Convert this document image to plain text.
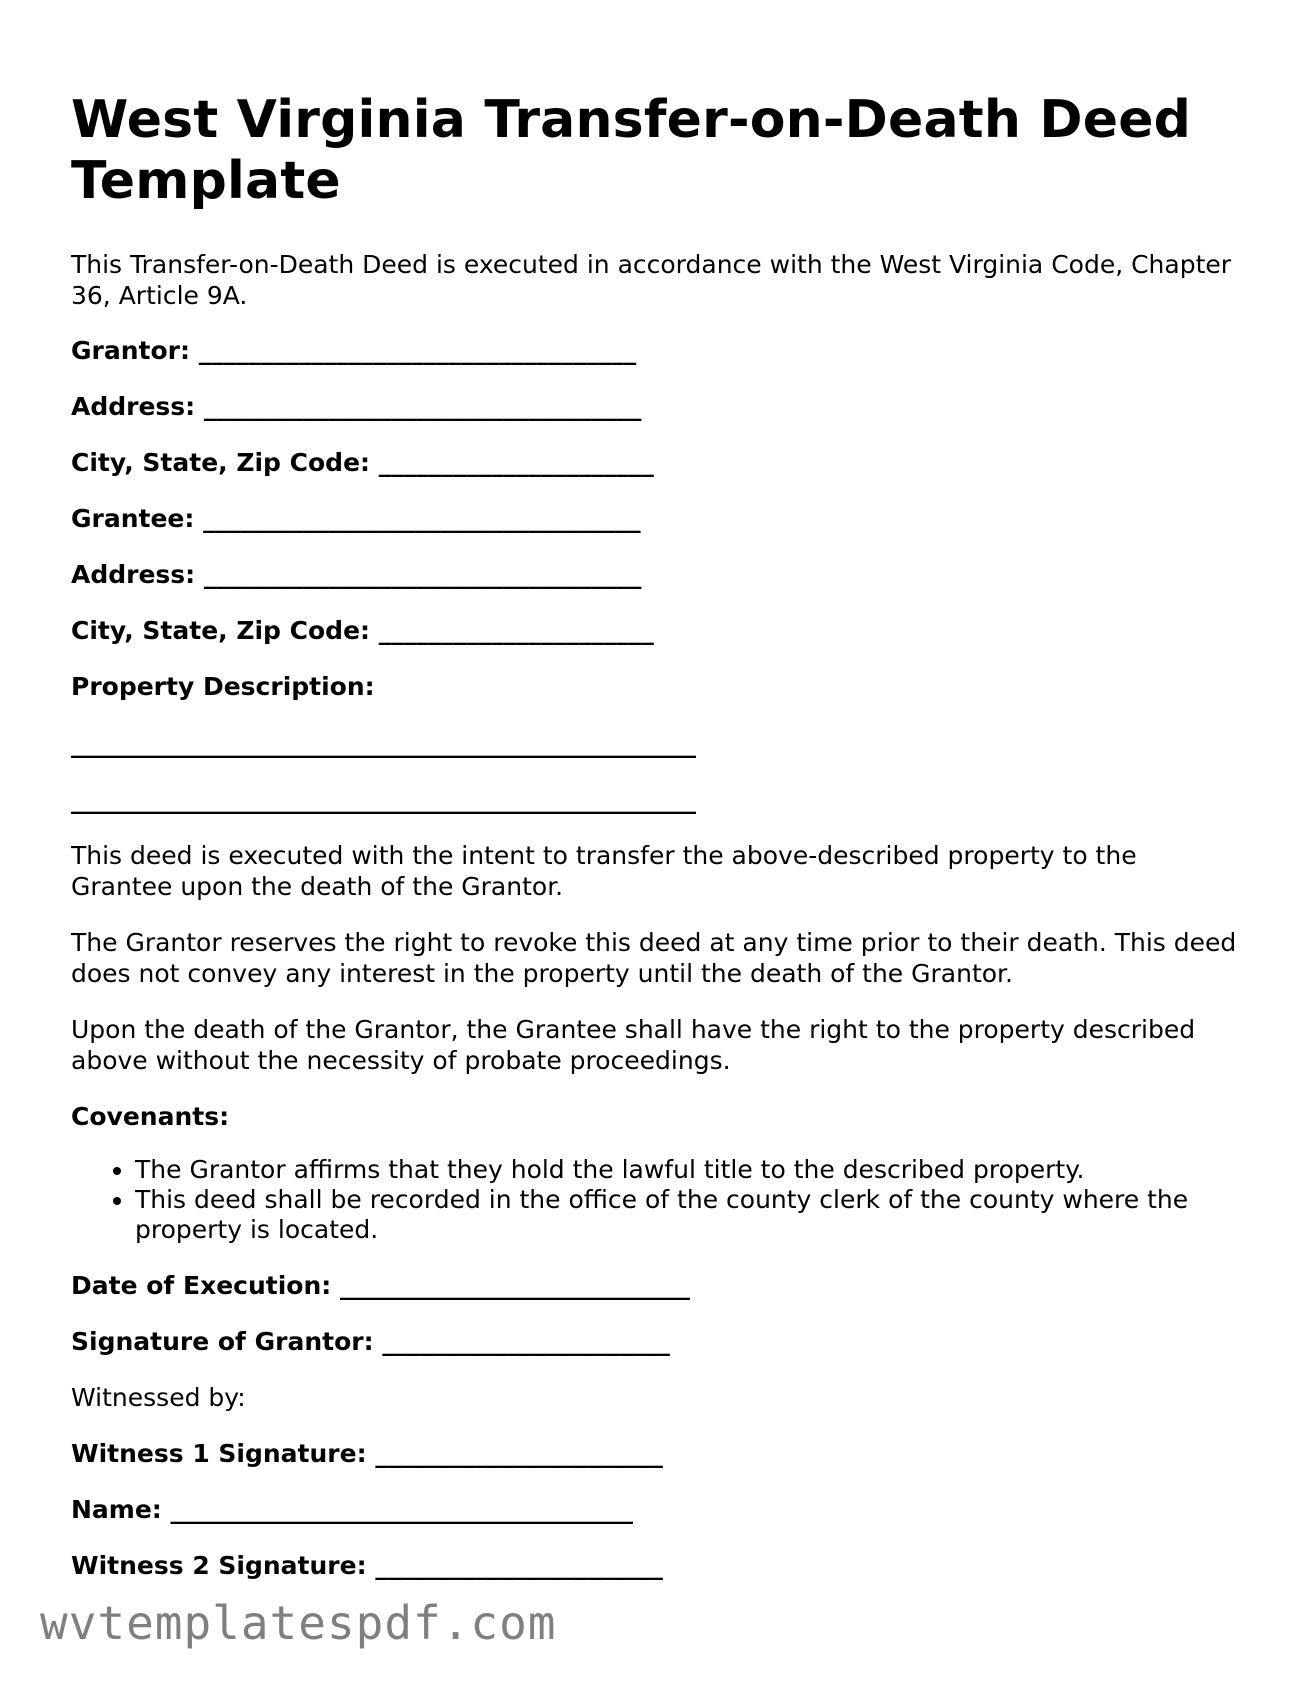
West Virginia Transfer-on-Death Deed Template

This Transfer-on-Death Deed is executed in accordance with the West Virginia Code, Chapter 36, Article 9A.

Grantor: ___________________________________
Address: ___________________________________
City, State, Zip Code: ______________________
Grantee: ___________________________________
Address: ___________________________________
City, State, Zip Code: ______________________
Property Description:
__________________________________________________
__________________________________________________

This deed is executed with the intent to transfer the above-described property to the Grantee upon the death of the Grantor.

The Grantor reserves the right to revoke this deed at any time prior to their death. This deed does not convey any interest in the property until the death of the Grantor.

Upon the death of the Grantor, the Grantee shall have the right to the property described above without the necessity of probate proceedings.

Covenants:
• The Grantor affirms that they hold the lawful title to the described property.
• This deed shall be recorded in the office of the county clerk of the county where the property is located.
Date of Execution: ____________________________
Signature of Grantor: _______________________
Witnessed by:
Witness 1 Signature: _______________________
Name: _____________________________________
Witness 2 Signature: _______________________
wvtemplatespdf.com
